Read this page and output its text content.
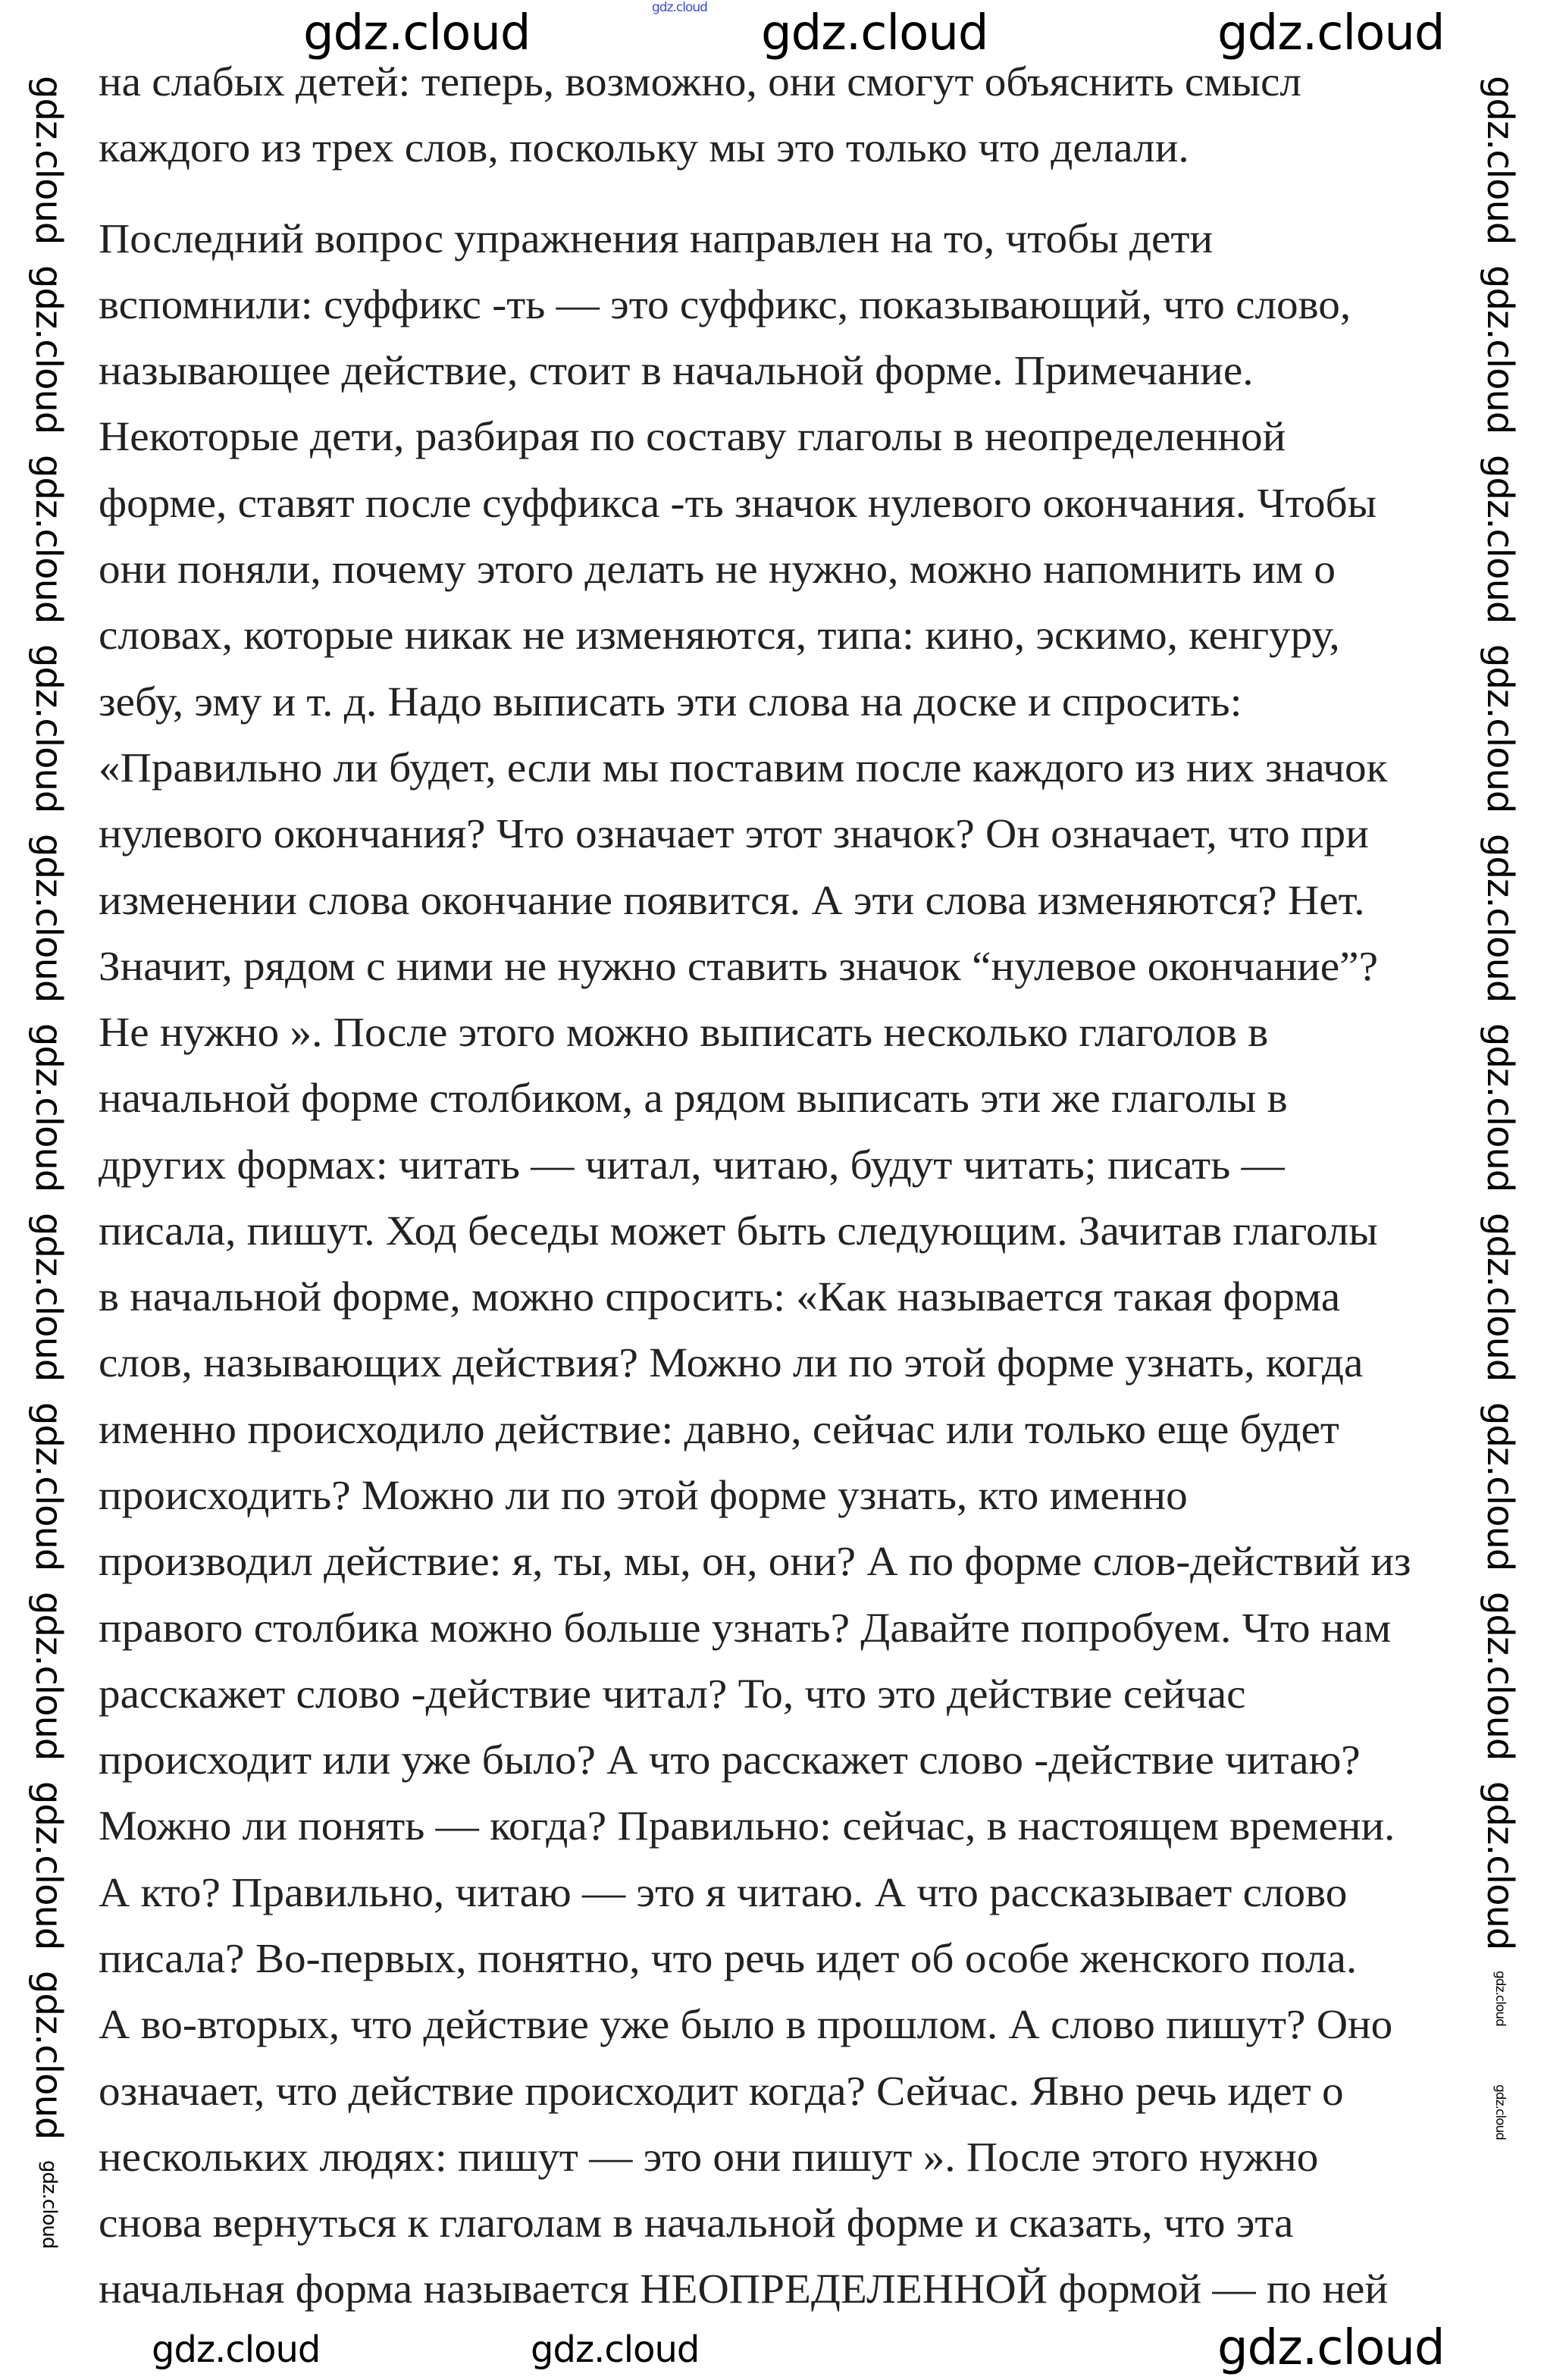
на слабых детей: теперь, возможно, они смогут объяснить смысл
каждого из трех слов, поскольку мы это только что делали.
Последний вопрос упражнения направлен на то, чтобы дети
вспомнили: суффикс -ть — это суффикс, показывающий, что слово,
называющее действие, стоит в начальной форме. Примечание.
Некоторые дети, разбирая по составу глаголы в неопределенной
форме, ставят после суффикса -ть значок нулевого окончания. Чтобы
они поняли, почему этого делать не нужно, можно напомнить им о
словах, которые никак не изменяются, типа: кино, эскимо, кенгуру,
зебу, эму и т. д. Надо выписать эти слова на доске и спросить:
«Правильно ли будет, если мы поставим после каждого из них значок
нулевого окончания? Что означает этот значок? Он означает, что при
изменении слова окончание появится. А эти слова изменяются? Нет.
Значит, рядом с ними не нужно ставить значок “нулевое окончание”?
Не нужно ». После этого можно выписать несколько глаголов в
начальной форме столбиком, а рядом выписать эти же глаголы в
других формах: читать — читал, читаю, будут читать; писать —
писала, пишут. Ход беседы может быть следующим. Зачитав глаголы
в начальной форме, можно спросить: «Как называется такая форма
слов, называющих действия? Можно ли по этой форме узнать, когда
именно происходило действие: давно, сейчас или только еще будет
происходить? Можно ли по этой форме узнать, кто именно
производил действие: я, ты, мы, он, они? А по форме слов-действий из
правого столбика можно больше узнать? Давайте попробуем. Что нам
расскажет слово -действие читал? То, что это действие сейчас
происходит или уже было? А что расскажет слово -действие читаю?
Можно ли понять — когда? Правильно: сейчас, в настоящем времени.
А кто? Правильно, читаю — это я читаю. А что рассказывает слово
писала? Во-первых, понятно, что речь идет об особе женского пола.
А во-вторых, что действие уже было в прошлом. А слово пишут? Оно
означает, что действие происходит когда? Сейчас. Явно речь идет о
нескольких людях: пишут — это они пишут ». После этого нужно
снова вернуться к глаголам в начальной форме и сказать, что эта
начальная форма называется НЕОПРЕДЕЛЕННОЙ формой — по ней
gdz.cloud
gdz.cloud	gdz.cloud	gdz.cloud
gdz.cloud
gdz.cloud	gdz.cloud
gdz.cloud
gdz.cloud
gdz.cloud
gdz.cloud
gdz.cloud
gdz.cloud
gdz.cloud
gdz.cloud
gdz.cloud
gdz.cloud
gdz.cloud
gdz.cloud
gdz.cloud
gdz.cloud
gdz.cloud
gdz.cloud
gdz.cloud
gdz.cloud
gdz.cloud
gdz.cloud
gdz.cloud
gdz.cloud
gdz.cloud
gdz.cloud
